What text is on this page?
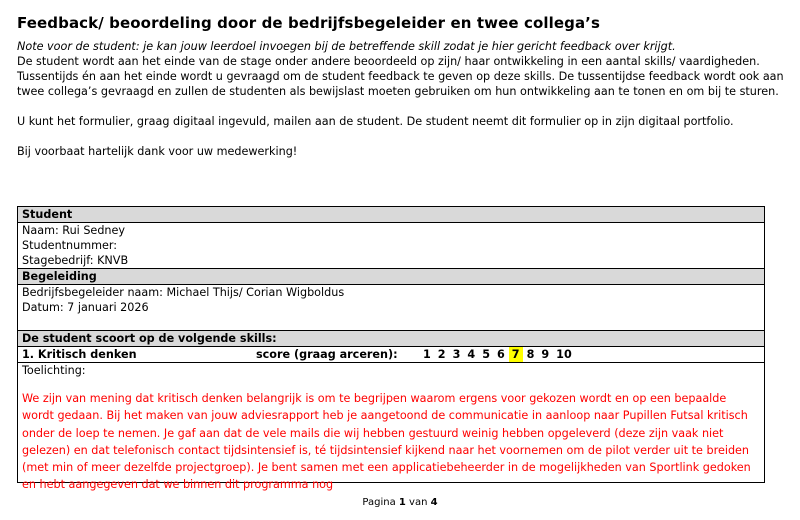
Feedback/ beoordeling door de bedrijfsbegeleider en twee collega’s

Note voor de student: je kan jouw leerdoel invoegen bij de betreffende skill zodat je hier gericht feedback over krijgt.

De student wordt aan het einde van de stage onder andere beoordeeld op zijn/ haar ontwikkeling in een aantal skills/ vaardigheden. Tussentijds én aan het einde wordt u gevraagd om de student feedback te geven op deze skills. De tussentijdse feedback wordt ook aan twee collega’s gevraagd en zullen de studenten als bewijslast moeten gebruiken om hun ontwikkeling aan te tonen en om bij te sturen.

U kunt het formulier, graag digitaal ingevuld, mailen aan de student. De student neemt dit formulier op in zijn digitaal portfolio.

Bij voorbaat hartelijk dank voor uw medewerking!

Student
Naam: Rui Sedney
Studentnummer:
Stagebedrijf: KNVB
Begeleiding
Bedrijfsbegeleider naam: Michael Thijs/ Corian Wigboldus
Datum: 7 januari 2026
De student scoort op de volgende skills:
1. Kritisch denken	score (graag arceren): 1 2 3 4 5 6 7 8 9 10
Toelichting:
We zijn van mening dat kritisch denken belangrijk is om te begrijpen waarom ergens voor gekozen wordt en op een bepaalde wordt gedaan. Bij het maken van jouw adviesrapport heb je aangetoond de communicatie in aanloop naar Pupillen Futsal kritisch onder de loep te nemen. Je gaf aan dat de vele mails die wij hebben gestuurd weinig hebben opgeleverd (deze zijn vaak niet gelezen) en dat telefonisch contact tijdsintensief is, té tijdsintensief kijkend naar het voornemen om de pilot verder uit te breiden (met min of meer dezelfde projectgroep). Je bent samen met een applicatiebeheerder in de mogelijkheden van Sportlink gedoken en hebt aangegeven dat we binnen dit programma nog
Pagina 1 van 4
